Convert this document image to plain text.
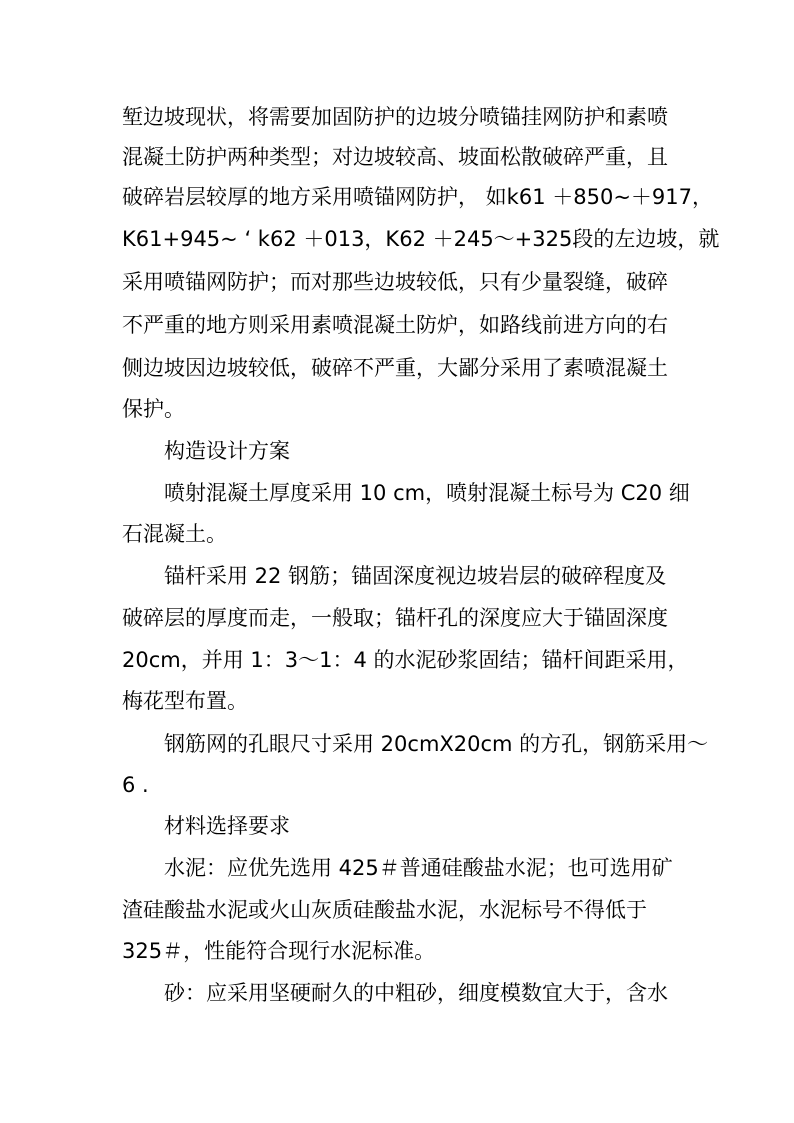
堑边坡现状，将需要加固防护的边坡分喷锚挂网防护和素喷
混凝土防护两种类型；对边坡较高、坡面松散破碎严重，且
破碎岩层较厚的地方采用喷锚网防护， 如k61 ＋850~＋917，
K61+945~ ‘ k62 ＋013，K62 ＋245～+325段的左边坡，就
采用喷锚网防护；而对那些边坡较低，只有少量裂缝，破碎
不严重的地方则采用素喷混凝土防炉，如路线前进方向的右
侧边坡因边坡较低，破碎不严重，大鄙分采用了素喷混凝土
保护。
构造设计方案
喷射混凝土厚度采用 10 cm，喷射混凝土标号为 C20 细
石混凝土。
锚杆采用 22 钢筋；锚固深度视边坡岩层的破碎程度及
破碎层的厚度而走，一般取；锚杆孔的深度应大于锚固深度
20cm，并用 1：3～1：4 的水泥砂浆固结；锚杆间距采用，
梅花型布置。
钢筋网的孔眼尺寸采用 20cmX20cm 的方孔，钢筋采用～
6 .
材料选择要求
水泥：应优先选用 425＃普通硅酸盐水泥；也可选用矿
渣硅酸盐水泥或火山灰质硅酸盐水泥，水泥标号不得低于
325＃，性能符合现行水泥标准。
砂：应采用坚硬耐久的中粗砂，细度模数宜大于，含水
